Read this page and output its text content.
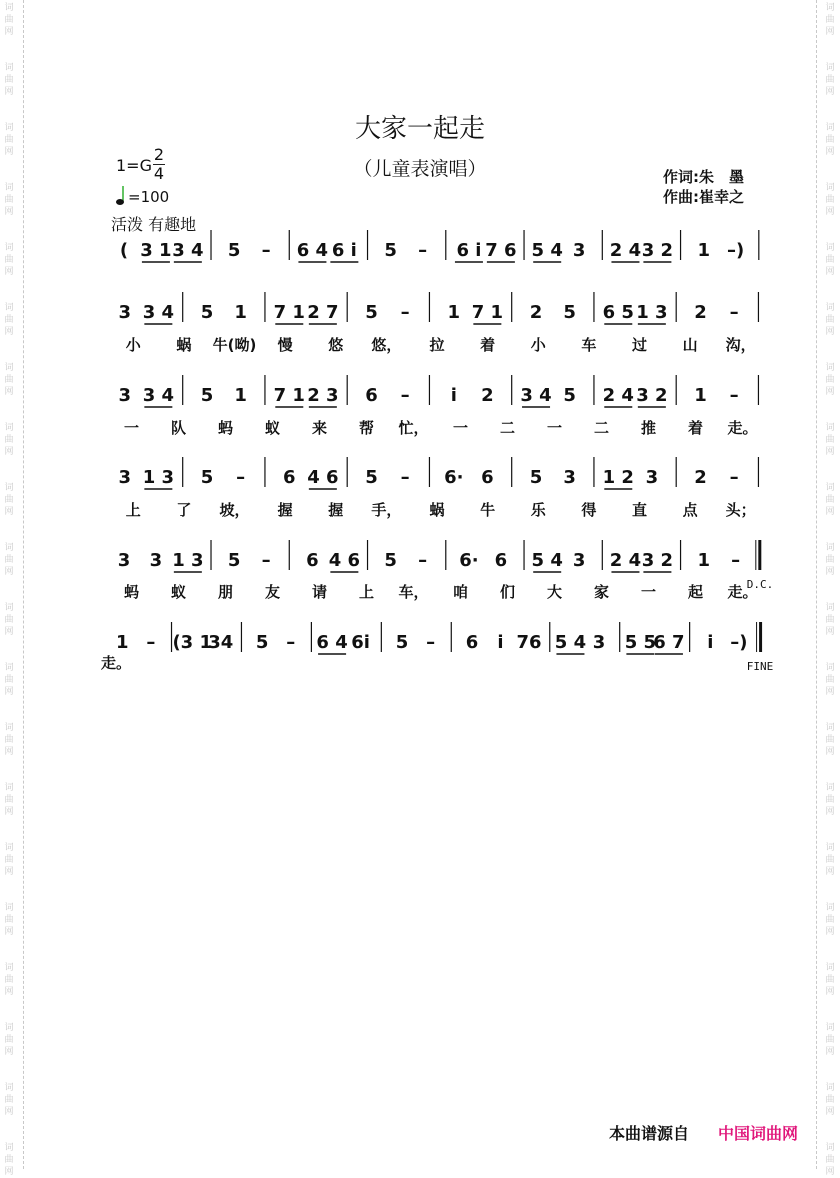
词
曲
网
词
曲
网
词
曲
网
词
曲
网
词
曲
网
词
曲
网
词
曲
网
词
曲
网
词
曲
网
词
曲
网
词
曲
网
词
曲
网
词
曲
网
词
曲
网
词
曲
网
词
曲
网
词
曲
网
词
曲
网
词
曲
网
词
曲
网
词
曲
网
词
曲
网
词
曲
网
词
曲
网
词
曲
网
词
曲
网
词
曲
网
词
曲
网
词
曲
网
词
曲
网
词
曲
网
词
曲
网
词
曲
网
词
曲
网
词
曲
网
词
曲
网
词
曲
网
词
曲
网
词
曲
网
词
曲
网
大家一起走
（儿童表演唱）	作词:朱　墨
作曲:崔幸之
$1=G \frac{2}{4}$
=100
活泼 有趣地
( 3 1 3 4 5 – 6 4 6 i 5 – 6 i 7 6 5 4 3 2 4 3 2 1 –)
3 3 4 5 1 7 1 2 7 5 – 1 7 1 2 5 6 5 1 3 2 –
小 蜗 牛(呦) 慢 悠 悠， 拉 着 小 车 过 山 沟，
3 3 4 5 1 7 1 2 3 6 – i 2 3 4 5 2 4 3 2 1 –
一 队 蚂 蚁 来 帮 忙， 一 二 一 二 推 着 走。
3 1 3 5 – 6 4 6 5 – 6· 6 5 3 1 2 3 2 –
上 了 坡， 握 握 手， 蜗 牛 乐 得 直 点 头；
3 3 1 3 5 – 6 4 6 5 – 6· 6 5 4 3 2 4 3 2 1 –
蚂 蚁 朋 友 请 上 车， 咱 们 大 家 一 起 走。
D.C.
1 – (3 1
34 5 – 6 4 6i 5 – 6 i 76 5 4 3 5 5
6 7 i –)
走。	FINE
本曲谱源自 中国词曲网
